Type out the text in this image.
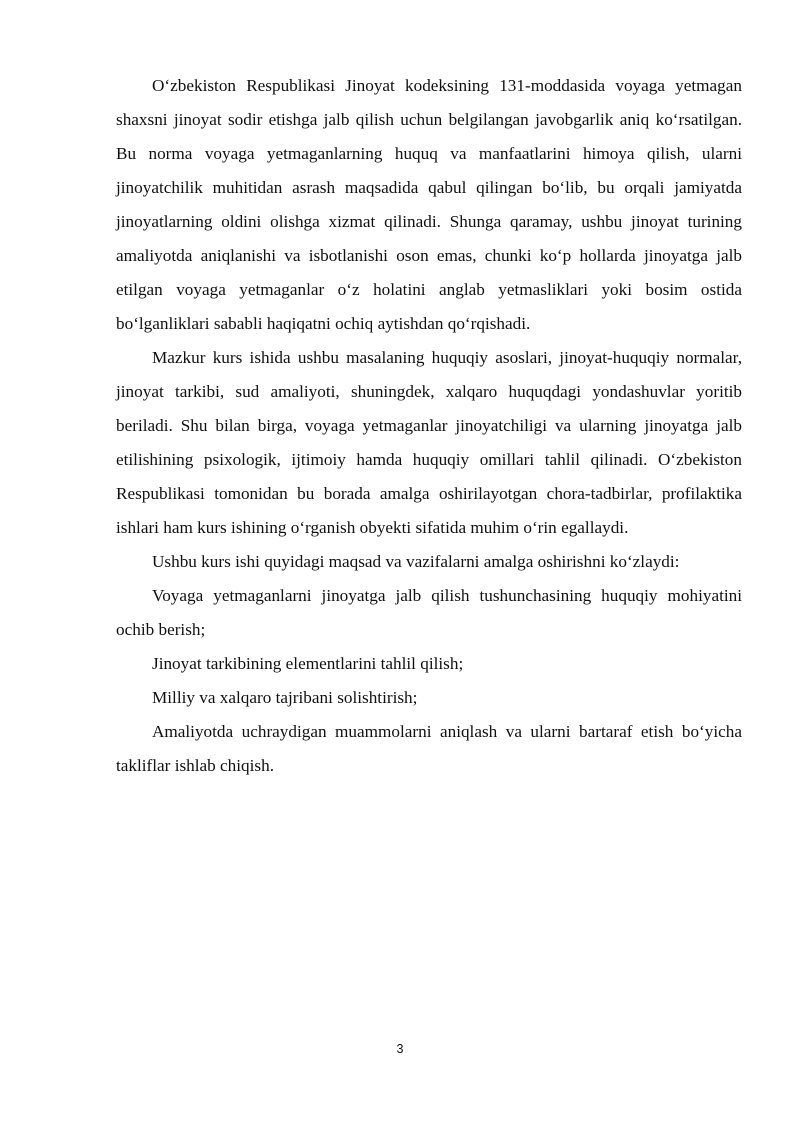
O‘zbekiston Respublikasi Jinoyat kodeksining 131-moddasida voyaga yetmagan shaxsni jinoyat sodir etishga jalb qilish uchun belgilangan javobgarlik aniq ko‘rsatilgan. Bu norma voyaga yetmaganlarning huquq va manfaatlarini himoya qilish, ularni jinoyatchilik muhitidan asrash maqsadida qabul qilingan bo‘lib, bu orqali jamiyatda jinoyatlarning oldini olishga xizmat qilinadi. Shunga qaramay, ushbu jinoyat turining amaliyotda aniqlanishi va isbotlanishi oson emas, chunki ko‘p hollarda jinoyatga jalb etilgan voyaga yetmaganlar o‘z holatini anglab yetmasliklari yoki bosim ostida bo‘lganliklari sababli haqiqatni ochiq aytishdan qo‘rqishadi.

Mazkur kurs ishida ushbu masalaning huquqiy asoslari, jinoyat-huquqiy normalar, jinoyat tarkibi, sud amaliyoti, shuningdek, xalqaro huquqdagi yondashuvlar yoritib beriladi. Shu bilan birga, voyaga yetmaganlar jinoyatchiligi va ularning jinoyatga jalb etilishining psixologik, ijtimoiy hamda huquqiy omillari tahlil qilinadi. O‘zbekiston Respublikasi tomonidan bu borada amalga oshirilayotgan chora-tadbirlar, profilaktika ishlari ham kurs ishining o‘rganish obyekti sifatida muhim o‘rin egallaydi.

Ushbu kurs ishi quyidagi maqsad va vazifalarni amalga oshirishni ko‘zlaydi:

Voyaga yetmaganlarni jinoyatga jalb qilish tushunchasining huquqiy mohiyatini ochib berish;

Jinoyat tarkibining elementlarini tahlil qilish;

Milliy va xalqaro tajribani solishtirish;

Amaliyotda uchraydigan muammolarni aniqlash va ularni bartaraf etish bo‘yicha takliflar ishlab chiqish.

3
